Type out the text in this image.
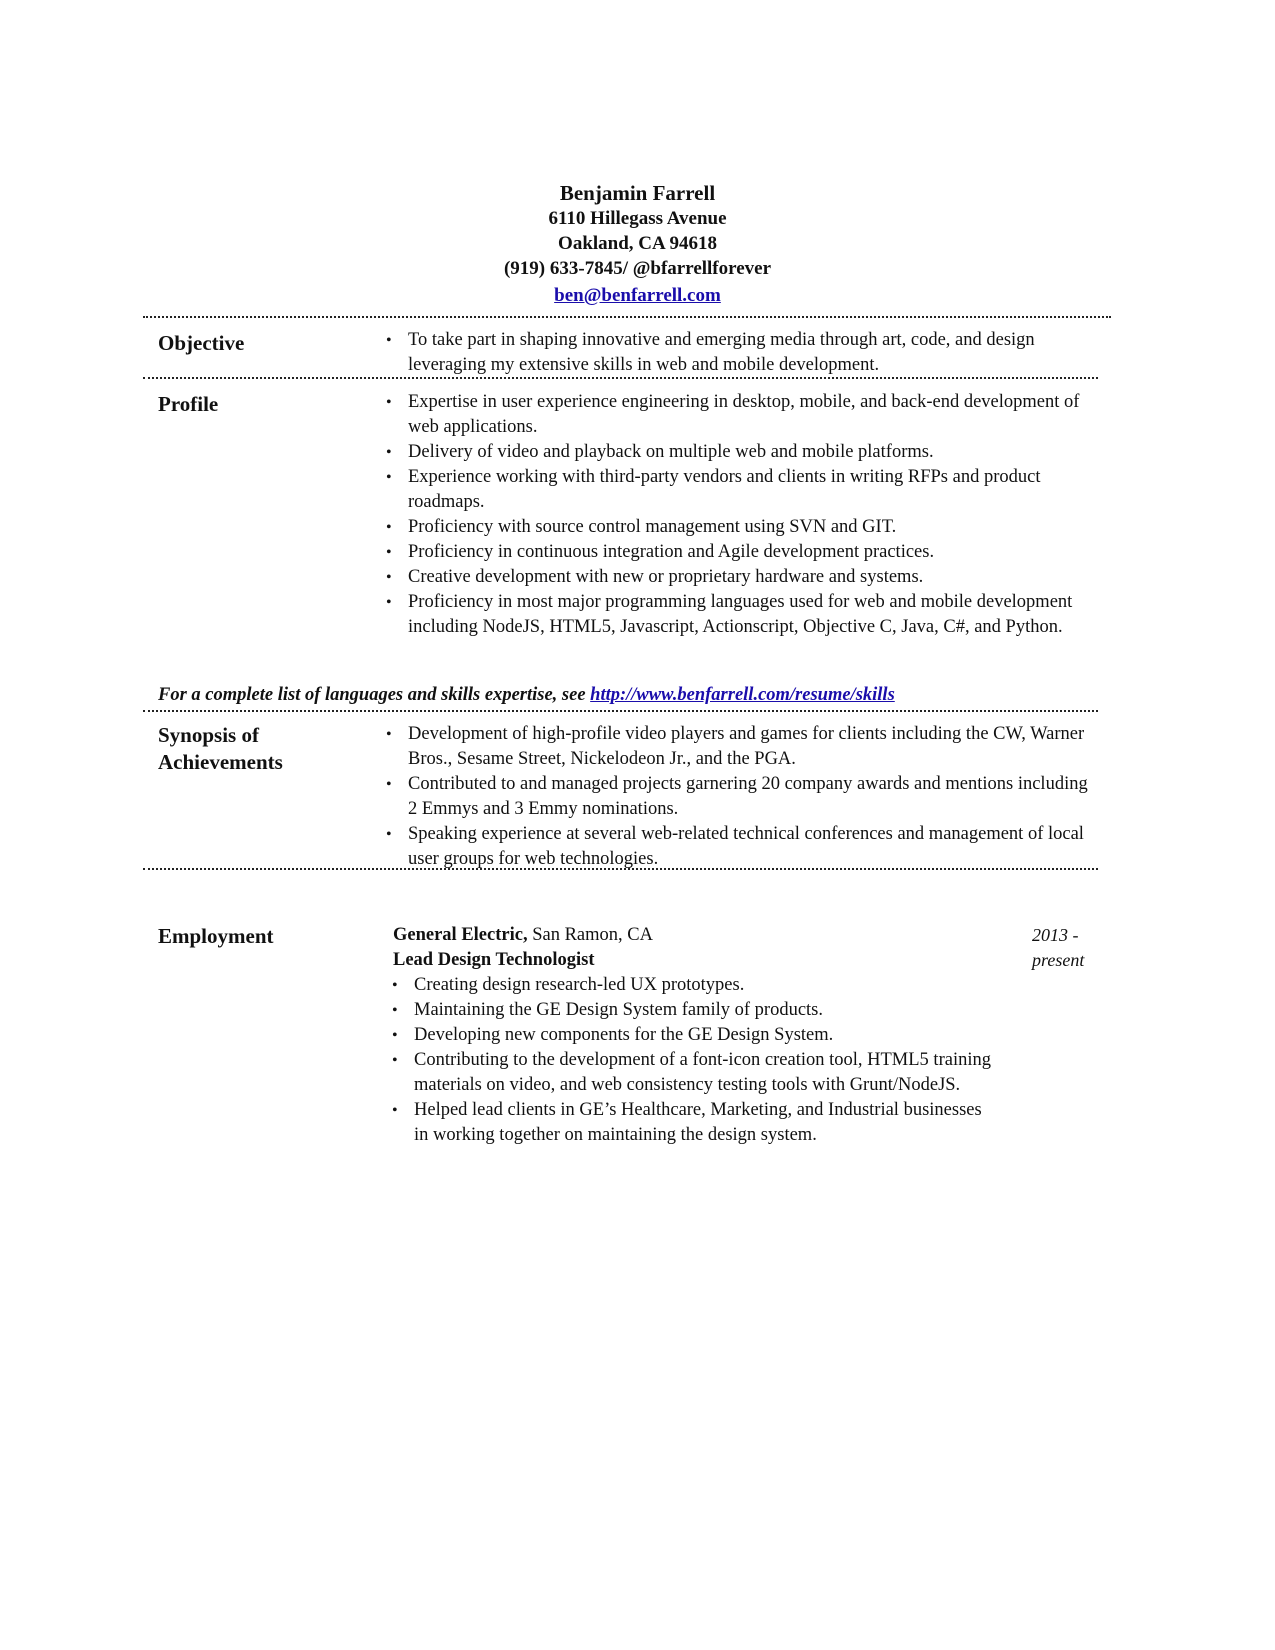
Benjamin Farrell

6110 Hillegass Avenue

Oakland, CA 94618

(919) 633-7845/ @bfarrellforever

ben@benfarrell.com
Objective	• To take part in shaping innovative and emerging media through art, code, and design leveraging my extensive skills in web and mobile development.
Profile	• Expertise in user experience engineering in desktop, mobile, and back-end development of web applications.
• Delivery of video and playback on multiple web and mobile platforms.
• Experience working with third-party vendors and clients in writing RFPs and product roadmaps.
• Proficiency with source control management using SVN and GIT.
• Proficiency in continuous integration and Agile development practices.
• Creative development with new or proprietary hardware and systems.
• Proficiency in most major programming languages used for web and mobile development including NodeJS, HTML5, Javascript, Actionscript, Objective C, Java, C#, and Python.
For a complete list of languages and skills expertise, see http://www.benfarrell.com/resume/skills
Synopsis of
Achievements
• Development of high-profile video players and games for clients including the CW, Warner Bros., Sesame Street, Nickelodeon Jr., and the PGA.
• Contributed to and managed projects garnering 20 company awards and mentions including 2 Emmys and 3 Emmy nominations.
• Speaking experience at several web-related technical conferences and management of local user groups for web technologies.
Employment	General Electric, San Ramon, CA
Lead Design Technologist
2013 -
present
• Creating design research-led UX prototypes.
• Maintaining the GE Design System family of products.
• Developing new components for the GE Design System.
• Contributing to the development of a font-icon creation tool, HTML5 training materials on video, and web consistency testing tools with Grunt/NodeJS.
• Helped lead clients in GE’s Healthcare, Marketing, and Industrial businesses in working together on maintaining the design system.
